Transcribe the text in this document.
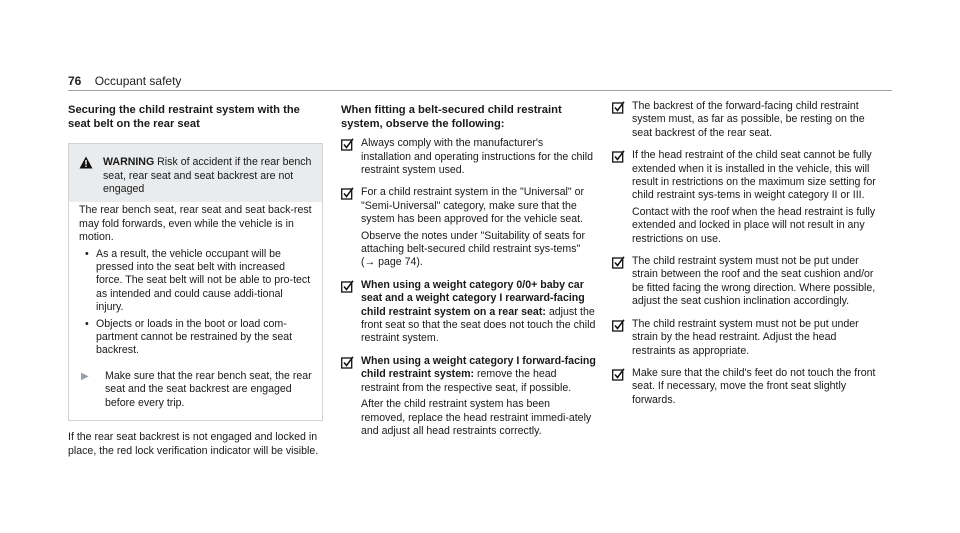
76 Occupant safety
Securing the child restraint system with the seat belt on the rear seat
WARNING Risk of accident if the rear bench seat, rear seat and seat backrest are not engaged

The rear bench seat, rear seat and seat back-rest may fold forwards, even while the vehicle is in motion.

• As a result, the vehicle occupant will be pressed into the seat belt with increased force. The seat belt will not be able to pro-tect as intended and could cause addi-tional injury.
• Objects or loads in the boot or load com-partment cannot be restrained by the seat backrest.
▶	Make sure that the rear bench seat, the rear seat and the seat backrest are engaged before every trip.

If the rear seat backrest is not engaged and locked in place, the red lock verification indicator will be visible.

When fitting a belt-secured child restraint system, observe the following:

Always comply with the manufacturer's installation and operating instructions for the child restraint system used.

For a child restraint system in the "Universal" or "Semi-Universal" category, make sure that the system has been approved for the vehicle seat.

Observe the notes under "Suitability of seats for attaching belt-secured child restraint sys-tems" (→ page 74).

When using a weight category 0/0+ baby car seat and a weight category I rearward-facing child restraint system on a rear seat: adjust the front seat so that the seat does not touch the child restraint system.

When using a weight category I forward-facing child restraint system: remove the head restraint from the respective seat, if possible.

After the child restraint system has been removed, replace the head restraint immedi-ately and adjust all head restraints correctly.

The backrest of the forward-facing child restraint system must, as far as possible, be resting on the seat backrest of the rear seat.

If the head restraint of the child seat cannot be fully extended when it is installed in the vehicle, this will result in restrictions on the maximum size setting for child restraint sys-tems in weight category II or III.

Contact with the roof when the head restraint is fully extended and locked in place will not result in any restrictions on use.

The child restraint system must not be put under strain between the roof and the seat cushion and/or be fitted facing the wrong direction. Where possible, adjust the seat cushion inclination accordingly.

The child restraint system must not be put under strain by the head restraint. Adjust the head restraints as appropriate.

Make sure that the child's feet do not touch the front seat. If necessary, move the front seat slightly forwards.
